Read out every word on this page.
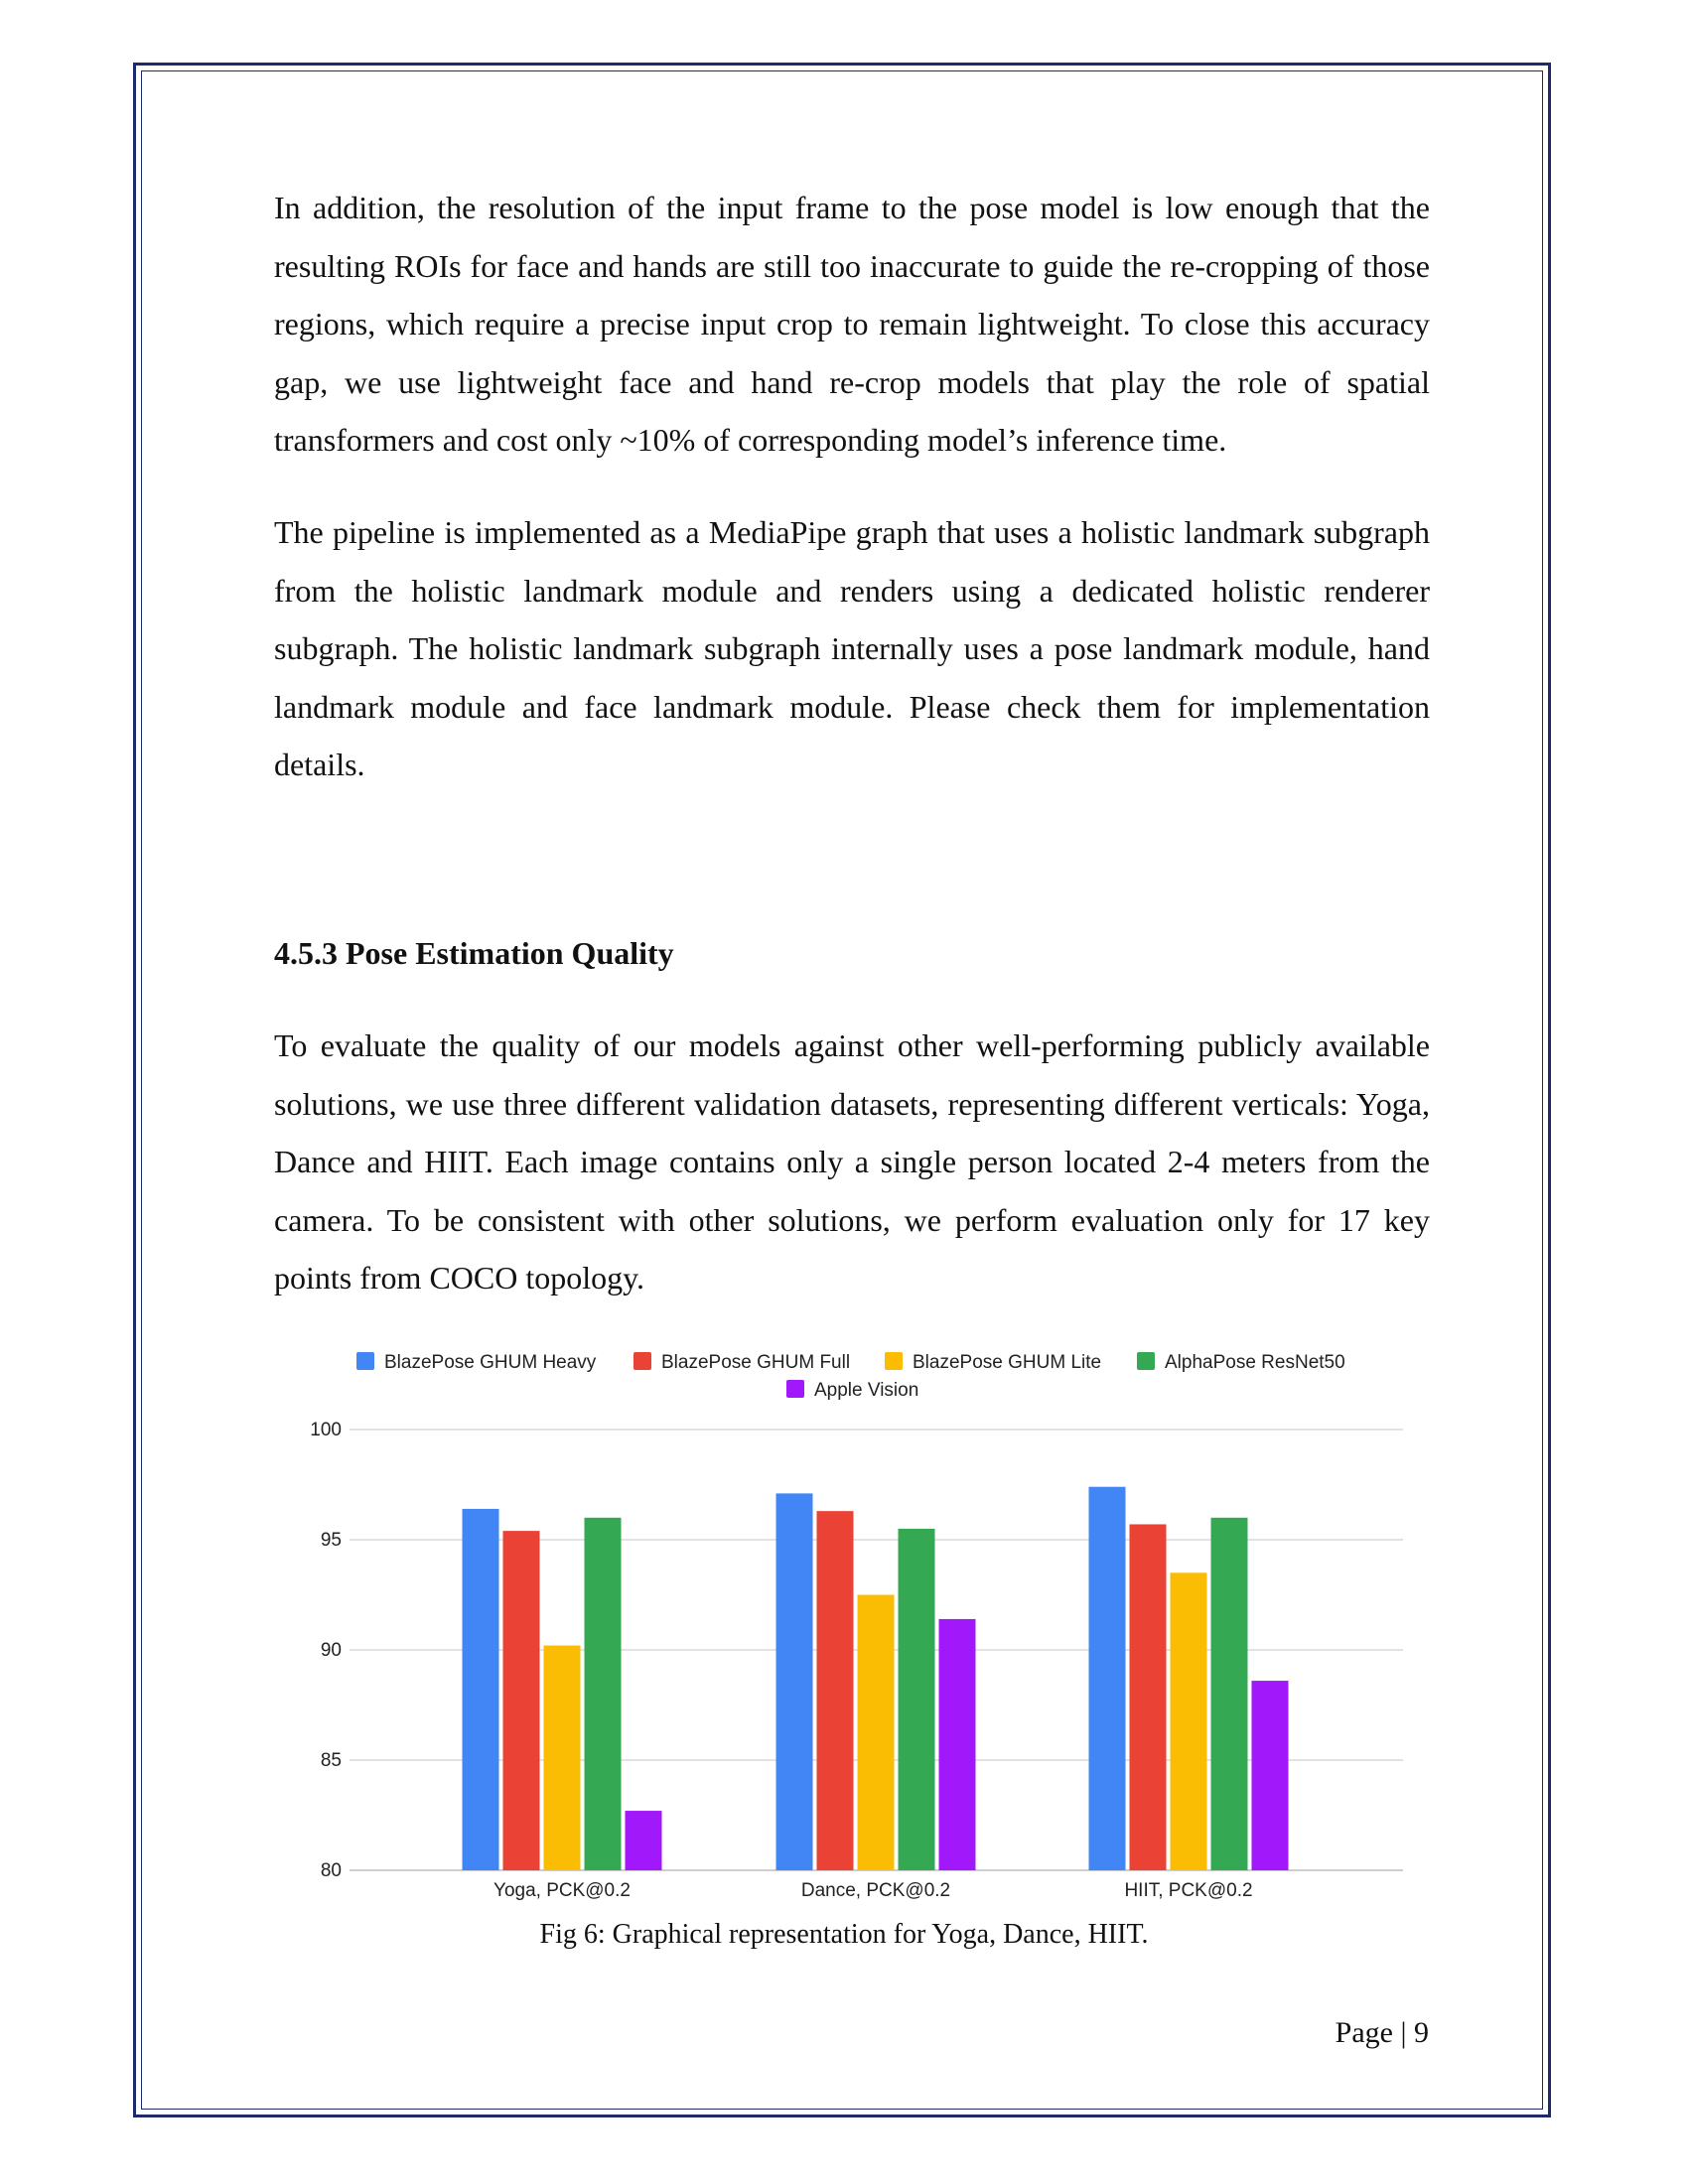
In addition, the resolution of the input frame to the pose model is low enough that the resulting ROIs for face and hands are still too inaccurate to guide the re-cropping of those regions, which require a precise input crop to remain lightweight. To close this accuracy gap, we use lightweight face and hand re-crop models that play the role of spatial transformers and cost only ~10% of corresponding model’s inference time.

The pipeline is implemented as a MediaPipe graph that uses a holistic landmark subgraph from the holistic landmark module and renders using a dedicated holistic renderer subgraph. The holistic landmark subgraph internally uses a pose landmark module, hand landmark module and face landmark module. Please check them for implementation details.

4.5.3 Pose Estimation Quality

To evaluate the quality of our models against other well-performing publicly available solutions, we use three different validation datasets, representing different verticals: Yoga, Dance and HIIT. Each image contains only a single person located 2-4 meters from the camera. To be consistent with other solutions, we perform evaluation only for 17 key points from COCO topology.

BlazePose GHUM Heavy	BlazePose GHUM Full	BlazePose GHUM Lite	AlphaPose ResNet50
Apple Vision
80
85
90
95
100
Yoga, PCK@0.2	Dance, PCK@0.2	HIIT, PCK@0.2
Fig 6: Graphical representation for Yoga, Dance, HIIT.
Page | 9
